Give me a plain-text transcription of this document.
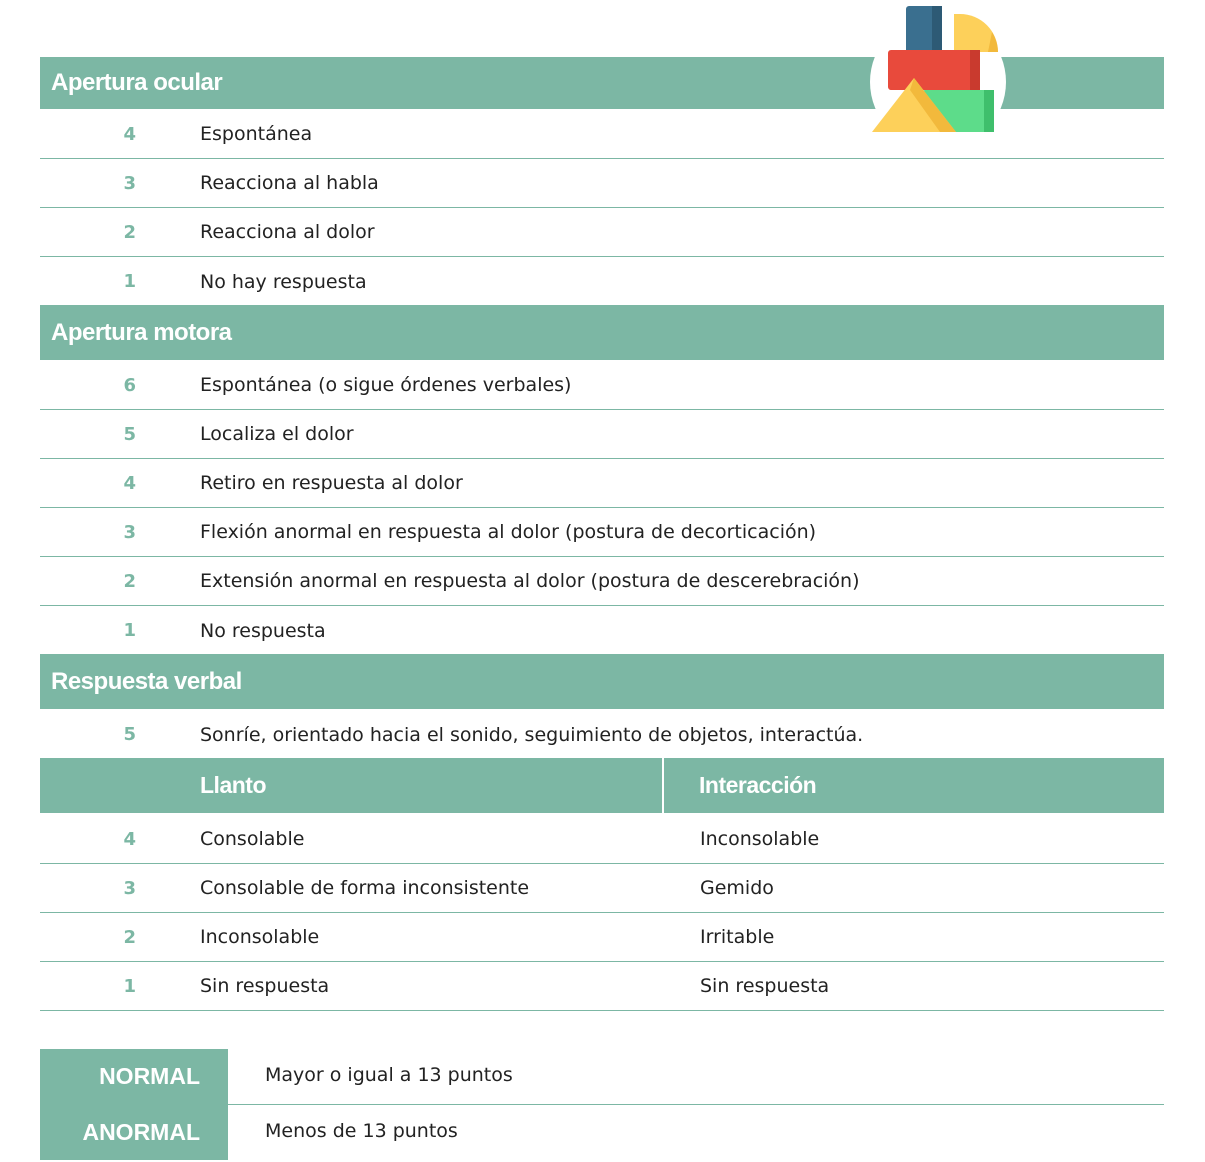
Apertura ocular
4	Espontánea
3	Reacciona al habla
2	Reacciona al dolor
1	No hay respuesta
Apertura motora
6	Espontánea (o sigue órdenes verbales)
5	Localiza el dolor
4	Retiro en respuesta al dolor
3	Flexión anormal en respuesta al dolor (postura de decorticación)
2	Extensión anormal en respuesta al dolor (postura de descerebración)
1	No respuesta
Respuesta verbal
5	Sonríe, orientado hacia el sonido, seguimiento de objetos, interactúa.
Llanto	Interacción
4	Consolable	Inconsolable
3	Consolable de forma inconsistente	Gemido
2	Inconsolable	Irritable
1	Sin respuesta	Sin respuesta
NORMAL	Mayor o igual a 13 puntos
ANORMAL	Menos de 13 puntos
